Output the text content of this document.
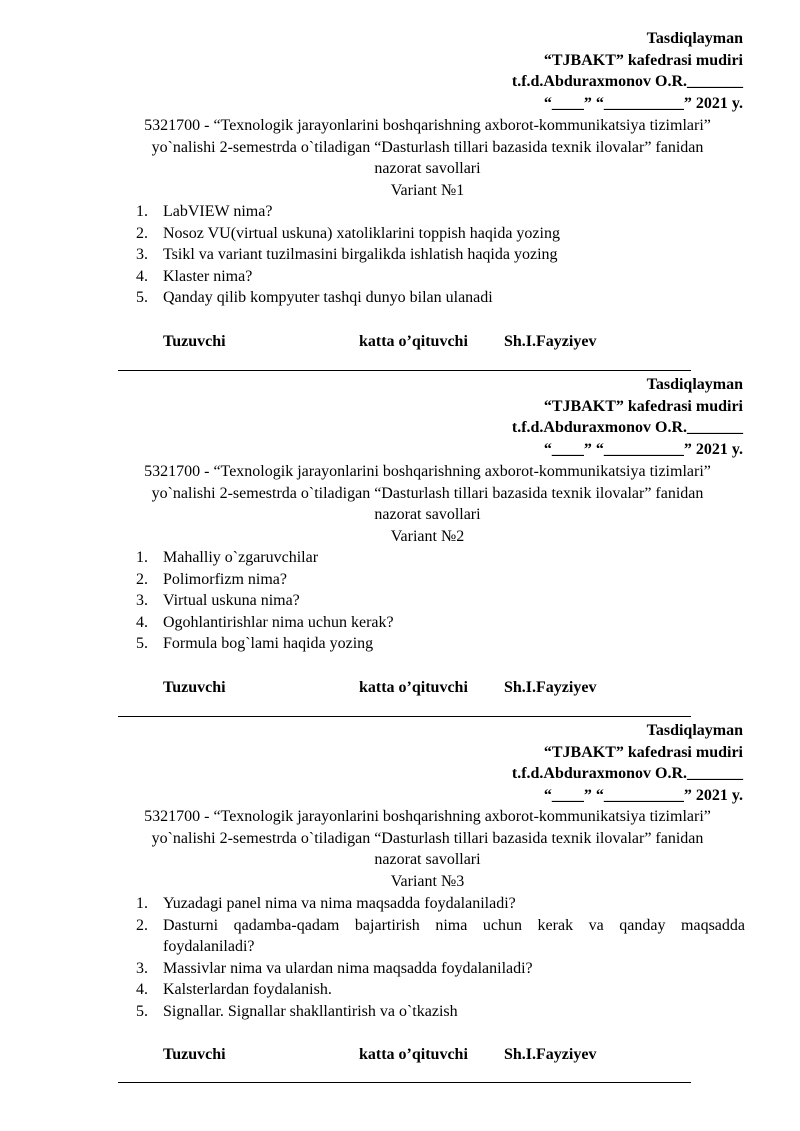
Tasdiqlayman
“TJBAKT” kafedrasi mudiri
t.f.d.Abduraxmonov O.R._______
“____” “__________” 2021 y.
5321700 - “Texnologik jarayonlarini boshqarishning axborot-kommunikatsiya tizimlari”
yo`nalishi 2-semestrda o`tiladigan “Dasturlash tillari bazasida texnik ilovalar” fanidan
nazorat savollari
Variant №1
1. LabVIEW nima?
2. Nosoz VU(virtual uskuna) xatoliklarini toppish haqida yozing
3. Tsikl va variant tuzilmasini birgalikda ishlatish haqida yozing
4. Klaster nima?
5. Qanday qilib kompyuter tashqi dunyo bilan ulanadi
Tuzuvchi	katta o’qituvchi Sh.I.Fayziyev
Tasdiqlayman
“TJBAKT” kafedrasi mudiri
t.f.d.Abduraxmonov O.R._______
“____” “__________” 2021 y.
5321700 - “Texnologik jarayonlarini boshqarishning axborot-kommunikatsiya tizimlari”
yo`nalishi 2-semestrda o`tiladigan “Dasturlash tillari bazasida texnik ilovalar” fanidan
nazorat savollari
Variant №2
1. Mahalliy o`zgaruvchilar
2. Polimorfizm nima?
3. Virtual uskuna nima?
4. Ogohlantirishlar nima uchun kerak?
5. Formula bog`lami haqida yozing
Tuzuvchi	katta o’qituvchi Sh.I.Fayziyev
Tasdiqlayman
“TJBAKT” kafedrasi mudiri
t.f.d.Abduraxmonov O.R._______
“____” “__________” 2021 y.
5321700 - “Texnologik jarayonlarini boshqarishning axborot-kommunikatsiya tizimlari”
yo`nalishi 2-semestrda o`tiladigan “Dasturlash tillari bazasida texnik ilovalar” fanidan
nazorat savollari
Variant №3
1. Yuzadagi panel nima va nima maqsadda foydalaniladi?
2. Dasturni qadamba-qadam bajartirish nima uchun kerak va qanday maqsadda foydalaniladi?
3. Massivlar nima va ulardan nima maqsadda foydalaniladi?
4. Kalsterlardan foydalanish.
5. Signallar. Signallar shakllantirish va o`tkazish
Tuzuvchi	katta o’qituvchi Sh.I.Fayziyev
